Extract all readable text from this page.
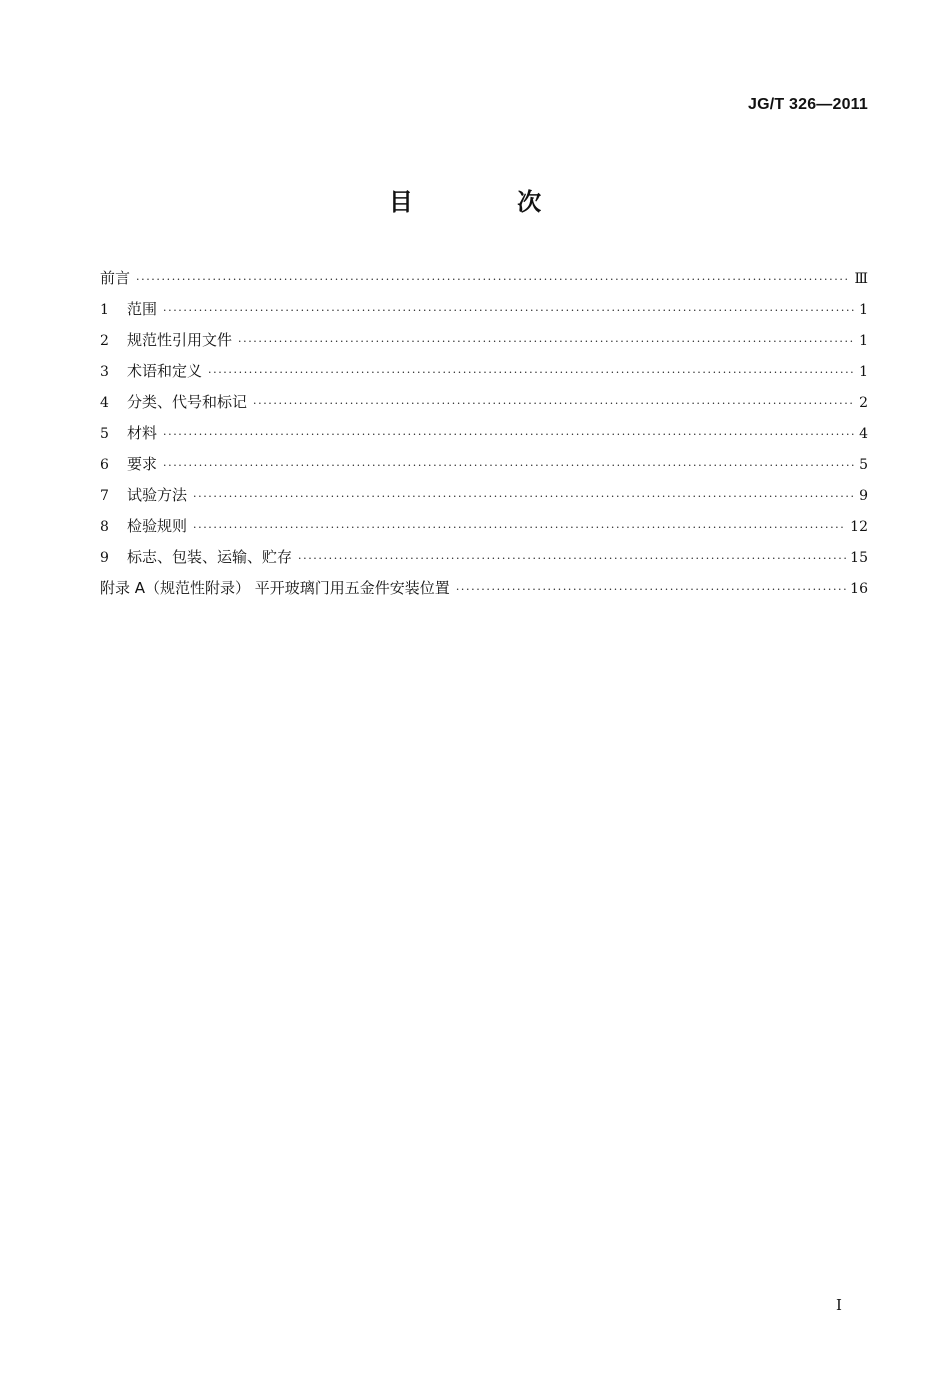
JG/T 326—2011
目 次
前言 ·····	Ⅲ
1	范围 ·····	1
2	规范性引用文件 ·····	1
3	术语和定义 ·····	1
4	分类、代号和标记 ·····	2
5	材料 ·····	4
6	要求 ·····	5
7	试验方法 ·····	9
8	检验规则 ·····	12
9	标志、包装、运输、贮存 ·····	15
附录 A（规范性附录） 平开玻璃门用五金件安装位置 ·····	16
I
